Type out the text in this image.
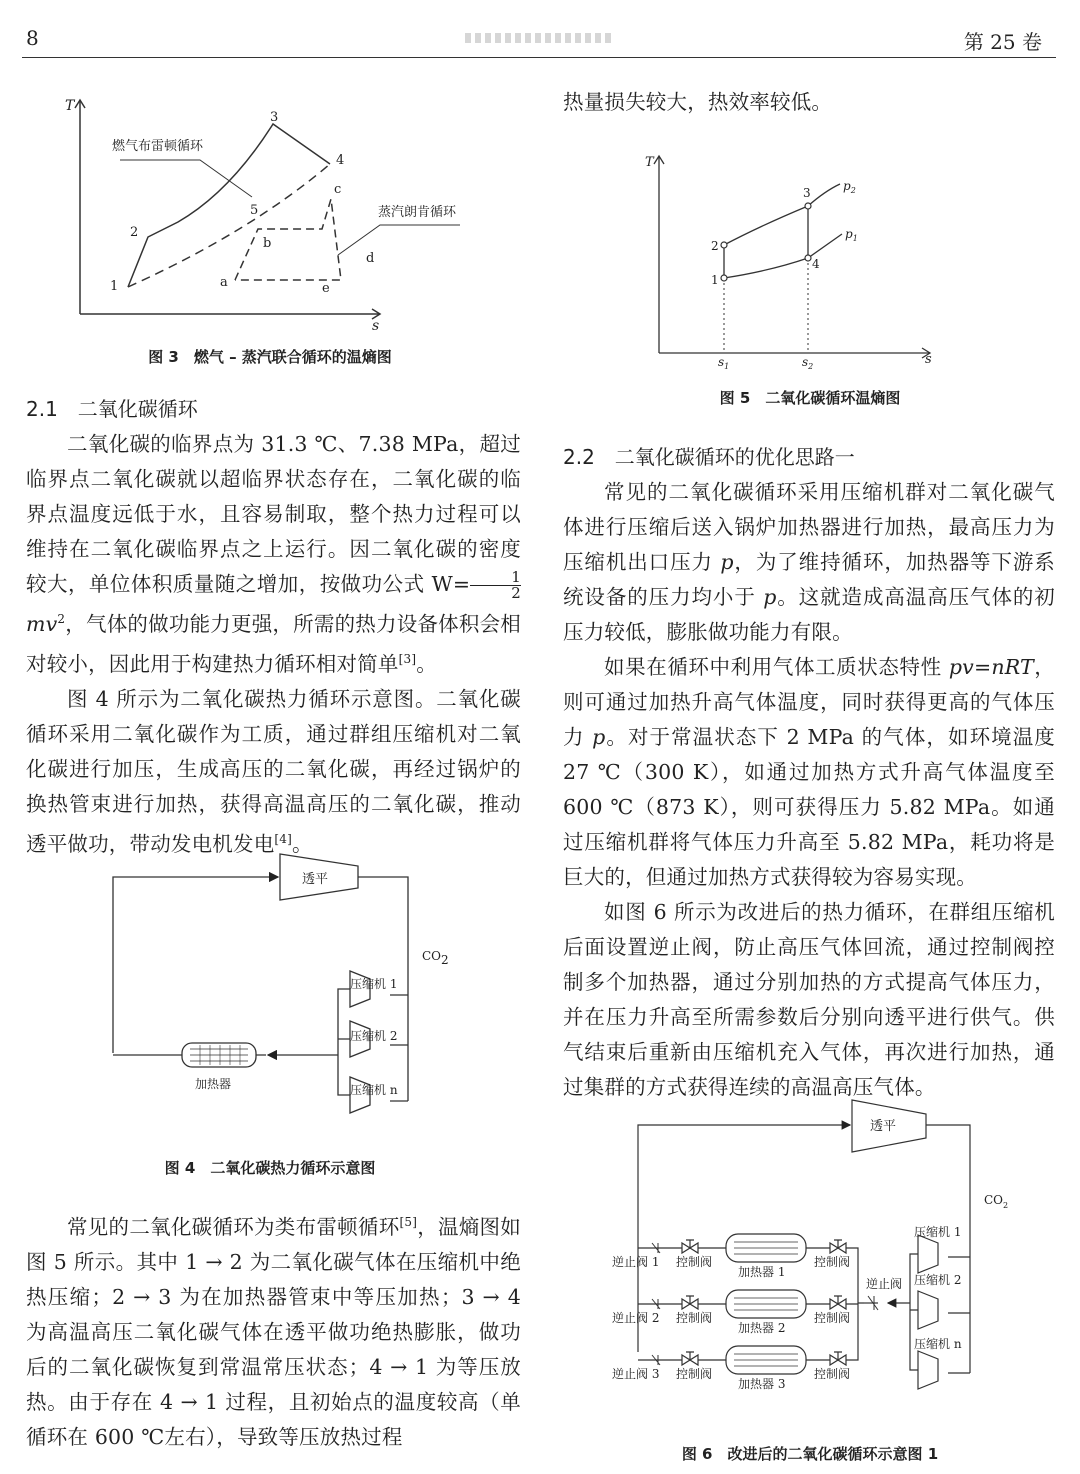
8	第 25 卷
T
s
燃气布雷顿循环
蒸汽朗肯循环
1
2
3
4
5
a
b
c
d
e
图 3　燃气 – 蒸汽联合循环的温熵图
2.1　二氧化碳循环

二氧化碳的临界点为 31.3 ℃、7.38 MPa，超过临界点二氧化碳就以超临界状态存在，二氧化碳的临界点温度远低于水，且容易制取，整个热力过程可以维持在二氧化碳临界点之上运行。因二氧化碳的密度较大，单位体积质量随之增加，按做功公式 $W= \frac{1}{2}$
$mv^2$，气体的做功能力更强，所需的热力设备体积会相对较小，因此用于构建热力循环相对简单[3]。

图 4 所示为二氧化碳热力循环示意图。二氧化碳循环采用二氧化碳作为工质，通过群组压缩机对二氧化碳进行加压，生成高压的二氧化碳，再经过锅炉的换热管束进行加热，获得高温高压的二氧化碳，推动透平做功，带动发电机发电[4]。

透平
CO2
压缩机 1
压缩机 2
压缩机 n
加热器
图 4　二氧化碳热力循环示意图

常见的二氧化碳循环为类布雷顿循环[5]，温熵图如图 5 所示。其中 1 → 2 为二氧化碳气体在压缩机中绝热压缩；2 → 3 为在加热器管束中等压加热；3 → 4 为高温高压二氧化碳气体在透平做功绝热膨胀，做功后的二氧化碳恢复到常温常压状态；4 → 1 为等压放热。由于存在 4 → 1 过程，且初始点的温度较高（单循环在 600 ℃左右），导致等压放热过程

热量损失较大，热效率较低。

T
s
$s_1$	$s_2$
$p_2$
$p_1$
1
2
3
4
图 5　二氧化碳循环温熵图
2.2　二氧化碳循环的优化思路一

常见的二氧化碳循环采用压缩机群对二氧化碳气体进行压缩后送入锅炉加热器进行加热，最高压力为压缩机出口压力 p，为了维持循环，加热器等下游系统设备的压力均小于 p。这就造成高温高压气体的初压力较低，膨胀做功能力有限。

如果在循环中利用气体工质状态特性 pv=nRT，则可通过加热升高气体温度，同时获得更高的气体压力 p。对于常温状态下 2 MPa 的气体，如环境温度 27 ℃（300 K），如通过加热方式升高气体温度至 600 ℃（873 K），则可获得压力 5.82 MPa。如通过压缩机群将气体压力升高至 5.82 MPa，耗功将是巨大的，但通过加热方式获得较为容易实现。

如图 6 所示为改进后的热力循环，在群组压缩机后面设置逆止阀，防止高压气体回流，通过控制阀控制多个加热器，通过分别加热的方式提高气体压力，并在压力升高至所需参数后分别向透平进行供气。供气结束后重新由压缩机充入气体，再次进行加热，通过集群的方式获得连续的高温高压气体。

透平
$CO_2$
逆止阀 1
逆止阀 2
逆止阀 3
控制阀
控制阀
控制阀
加热器 1
加热器 2
加热器 3
控制阀
控制阀
控制阀
逆止阀
压缩机 1
压缩机 2
压缩机 n
图 6　改进后的二氧化碳循环示意图 1
